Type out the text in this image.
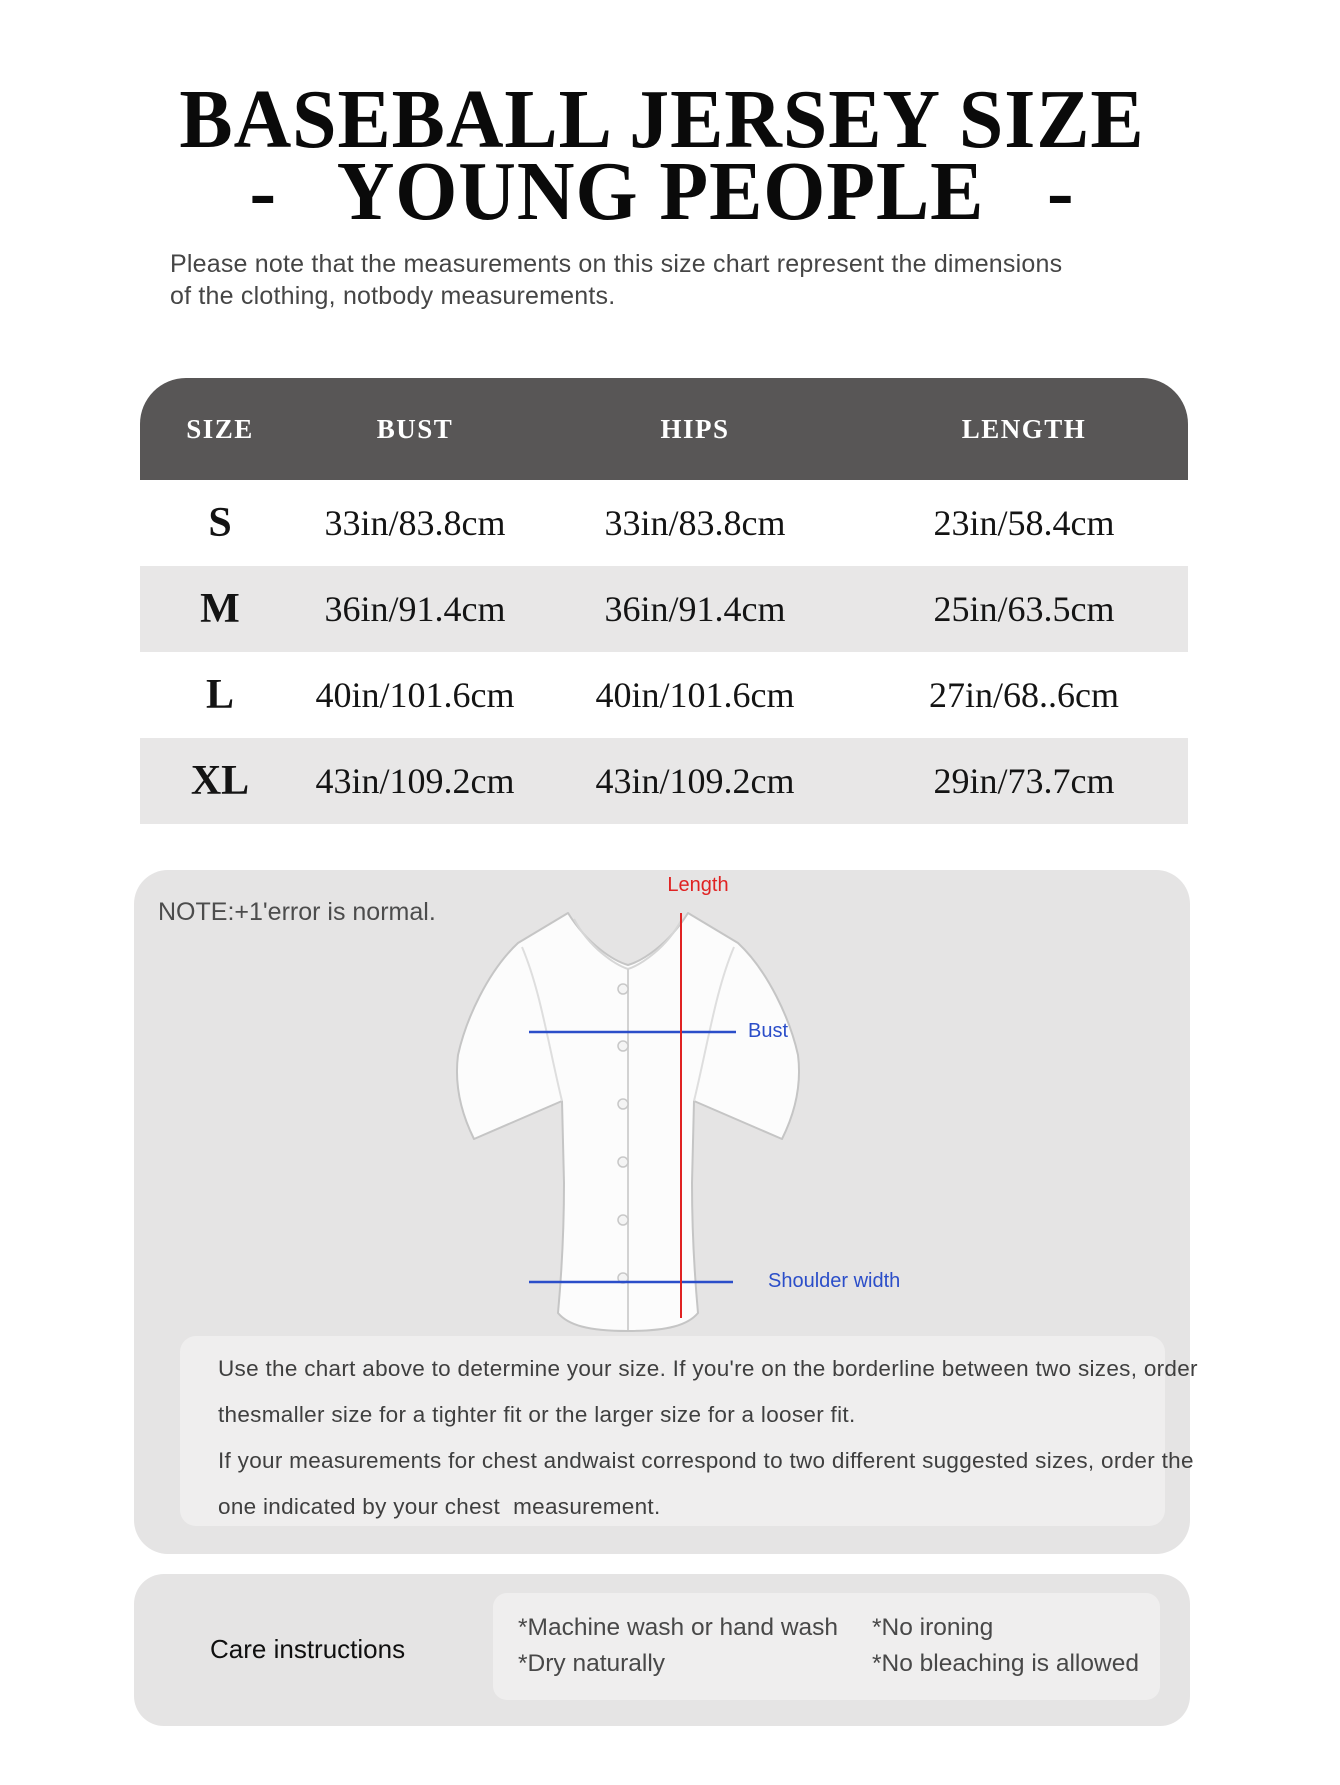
BASEBALL JERSEY SIZE
-   YOUNG PEOPLE   -
Please note that the measurements on this size chart represent the dimensions
of the clothing, notbody measurements.
SIZE	BUST	HIPS	LENGTH
S	33in/83.8cm	33in/83.8cm	23in/58.4cm
M	36in/91.4cm	36in/91.4cm	25in/63.5cm
L	40in/101.6cm	40in/101.6cm	27in/68..6cm
XL	43in/109.2cm	43in/109.2cm	29in/73.7cm
NOTE:+1'error is normal.
Length
Bust
Shoulder width
Use the chart above to determine your size. If you're on the borderline between two sizes, order
thesmaller size for a tighter fit or the larger size for a looser fit.
If your measurements for chest andwaist correspond to two different suggested sizes, order the
one indicated by your chest  measurement.
Care instructions
*Machine wash or hand wash
*Dry naturally
*No ironing
*No bleaching is allowed
